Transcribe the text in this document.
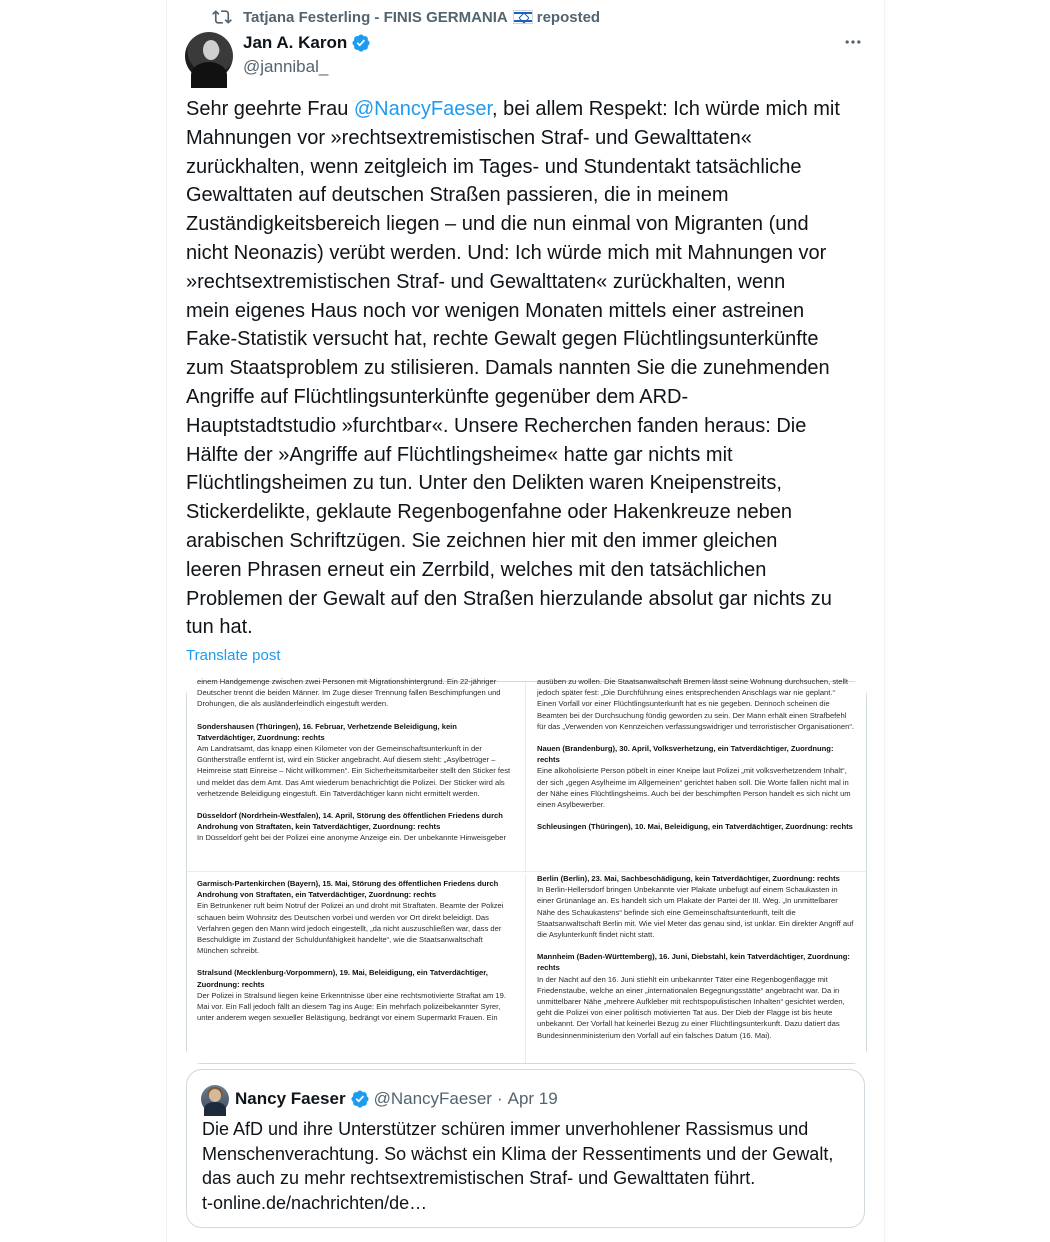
Tatjana Festerling - FINIS GERMANIA reposted
Jan A. Karon
@jannibal_
Sehr geehrte Frau @NancyFaeser, bei allem Respekt: Ich würde mich mit
Mahnungen vor »rechtsextremistischen Straf- und Gewalttaten«
zurückhalten, wenn zeitgleich im Tages- und Stundentakt tatsächliche
Gewalttaten auf deutschen Straßen passieren, die in meinem
Zuständigkeitsbereich liegen – und die nun einmal von Migranten (und
nicht Neonazis) verübt werden. Und: Ich würde mich mit Mahnungen vor
»rechtsextremistischen Straf- und Gewalttaten« zurückhalten, wenn
mein eigenes Haus noch vor wenigen Monaten mittels einer astreinen
Fake-Statistik versucht hat, rechte Gewalt gegen Flüchtlingsunterkünfte
zum Staatsproblem zu stilisieren. Damals nannten Sie die zunehmenden
Angriffe auf Flüchtlingsunterkünfte gegenüber dem ARD-
Hauptstadtstudio »furchtbar«. Unsere Recherchen fanden heraus: Die
Hälfte der »Angriffe auf Flüchtlingsheime« hatte gar nichts mit
Flüchtlingsheimen zu tun. Unter den Delikten waren Kneipenstreits,
Stickerdelikte, geklaute Regenbogenfahne oder Hakenkreuze neben
arabischen Schriftzügen. Sie zeichnen hier mit den immer gleichen
leeren Phrasen erneut ein Zerrbild, welches mit den tatsächlichen
Problemen der Gewalt auf den Straßen hierzulande absolut gar nichts zu
tun hat.
Translate post

einem Handgemenge zwischen zwei Personen mit Migrationshintergrund. Ein 22-jähriger Deutscher trennt die beiden Männer. Im Zuge dieser Trennung fallen Beschimpfungen und Drohungen, die als ausländerfeindlich eingestuft werden.

Sondershausen (Thüringen), 16. Februar, Verhetzende Beleidigung, kein Tatverdächtiger, Zuordnung: rechts
Am Landratsamt, das knapp einen Kilometer von der Gemeinschaftsunterkunft in der Güntherstraße entfernt ist, wird ein Sticker angebracht. Auf diesem steht: „Asylbetrüger – Heimreise statt Einreise – Nicht willkommen“. Ein Sicherheitsmitarbeiter stellt den Sticker fest und meldet das dem Amt. Das Amt wiederum benachrichtigt die Polizei. Der Sticker wird als verhetzende Beleidigung eingestuft. Ein Tatverdächtiger kann nicht ermittelt werden.

Düsseldorf (Nordrhein-Westfalen), 14. April, Störung des öffentlichen Friedens durch Androhung von Straftaten, kein Tatverdächtiger, Zuordnung: rechts
In Düsseldorf geht bei der Polizei eine anonyme Anzeige ein. Der unbekannte Hinweisgeber

ausüben zu wollen. Die Staatsanwaltschaft Bremen lässt seine Wohnung durchsuchen, stellt jedoch später fest: „Die Durchführung eines entsprechenden Anschlags war nie geplant.“ Einen Vorfall vor einer Flüchtlingsunterkunft hat es nie gegeben. Dennoch scheinen die Beamten bei der Durchsuchung fündig geworden zu sein. Der Mann erhält einen Strafbefehl für das „Verwenden von Kennzeichen verfassungswidriger und terroristischer Organisationen“.

Nauen (Brandenburg), 30. April, Volksverhetzung, ein Tatverdächtiger, Zuordnung: rechts
Eine alkoholisierte Person pöbelt in einer Kneipe laut Polizei „mit volksverhetzendem Inhalt“, der sich „gegen Asylheime im Allgemeinen“ gerichtet haben soll. Die Worte fallen nicht mal in der Nähe eines Flüchtlingsheims. Auch bei der beschimpften Person handelt es sich nicht um einen Asylbewerber.

Schleusingen (Thüringen), 10. Mai, Beleidigung, ein Tatverdächtiger, Zuordnung: rechts

Garmisch-Partenkirchen (Bayern), 15. Mai, Störung des öffentlichen Friedens durch Androhung von Straftaten, ein Tatverdächtiger, Zuordnung: rechts
Ein Betrunkener ruft beim Notruf der Polizei an und droht mit Straftaten. Beamte der Polizei schauen beim Wohnsitz des Deutschen vorbei und werden vor Ort direkt beleidigt. Das Verfahren gegen den Mann wird jedoch eingestellt, „da nicht auszuschließen war, dass der Beschuldigte im Zustand der Schuldunfähigkeit handelte“, wie die Staatsanwaltschaft München schreibt.

Stralsund (Mecklenburg-Vorpommern), 19. Mai, Beleidigung, ein Tatverdächtiger, Zuordnung: rechts
Der Polizei in Stralsund liegen keine Erkenntnisse über eine rechtsmotivierte Straftat am 19. Mai vor. Ein Fall jedoch fällt an diesem Tag ins Auge: Ein mehrfach polizeibekannter Syrer, unter anderem wegen sexueller Belästigung, bedrängt vor einem Supermarkt Frauen. Ein

Berlin (Berlin), 23. Mai, Sachbeschädigung, kein Tatverdächtiger, Zuordnung: rechts
In Berlin-Hellersdorf bringen Unbekannte vier Plakate unbefugt auf einem Schaukasten in einer Grünanlage an. Es handelt sich um Plakate der Partei der III. Weg. „In unmittelbarer Nähe des Schaukastens“ befinde sich eine Gemeinschaftsunterkunft, teilt die Staatsanwaltschaft Berlin mit. Wie viel Meter das genau sind, ist unklar. Ein direkter Angriff auf die Asylunterkunft findet nicht statt.

Mannheim (Baden-Württemberg), 16. Juni, Diebstahl, kein Tatverdächtiger, Zuordnung: rechts
In der Nacht auf den 16. Juni stiehlt ein unbekannter Täter eine Regenbogenflagge mit Friedenstaube, welche an einer „internationalen Begegnungsstätte“ angebracht war. Da in unmittelbarer Nähe „mehrere Aufkleber mit rechtspopulistischen Inhalten“ gesichtet werden, geht die Polizei von einer politisch motivierten Tat aus. Der Dieb der Flagge ist bis heute unbekannt. Der Vorfall hat keinerlei Bezug zu einer Flüchtlingsunterkunft. Dazu datiert das Bundesinnenministerium den Vorfall auf ein falsches Datum (16. Mai).

Nancy Faeser @NancyFaeser · Apr 19
Die AfD und ihre Unterstützer schüren immer unverhohlener Rassismus und
Menschenverachtung. So wächst ein Klima der Ressentiments und der Gewalt,
das auch zu mehr rechtsextremistischen Straf- und Gewalttaten führt.
t-online.de/nachrichten/de…
